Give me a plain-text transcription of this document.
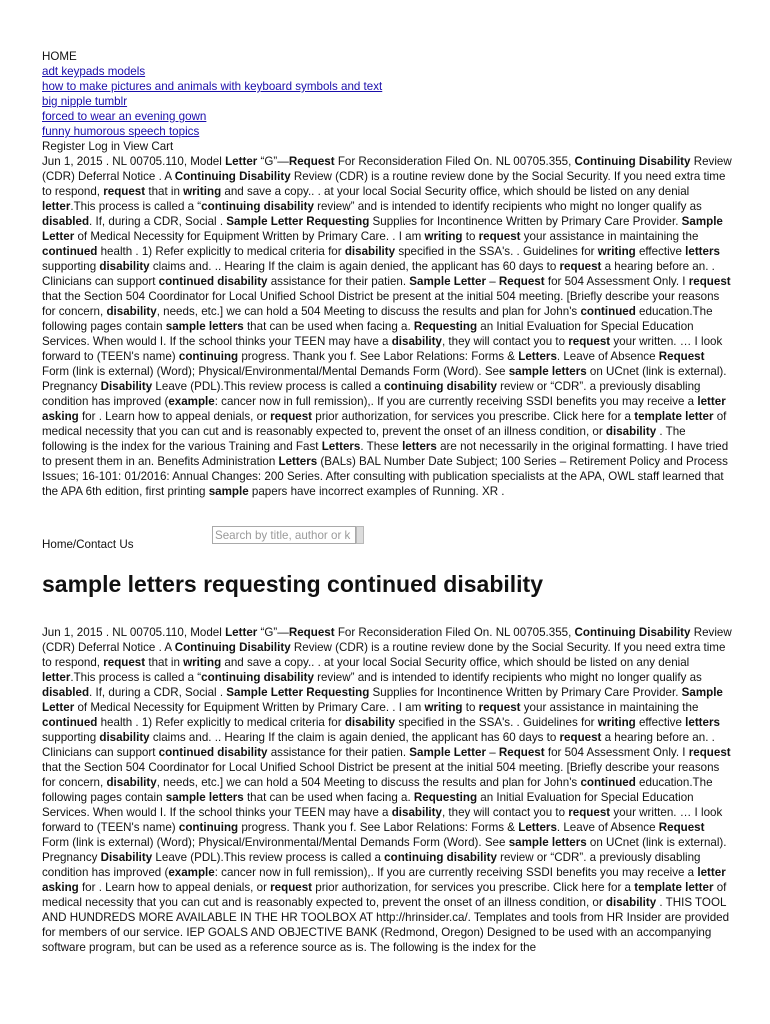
HOME
adt keypads models
how to make pictures and animals with keyboard symbols and text
big nipple tumblr
forced to wear an evening gown
funny humorous speech topics
Register Log in View Cart

Jun 1, 2015 . NL 00705.110, Model Letter “G”—Request For Reconsideration Filed On. NL 00705.355, Continuing Disability Review (CDR) Deferral Notice . A Continuing Disability Review (CDR) is a routine review done by the Social Security. If you need extra time to respond, request that in writing and save a copy.. . at your local Social Security office, which should be listed on any denial letter.This process is called a “continuing disability review” and is intended to identify recipients who might no longer qualify as disabled. If, during a CDR, Social . Sample Letter Requesting Supplies for Incontinence Written by Primary Care Provider. Sample Letter of Medical Necessity for Equipment Written by Primary Care. . I am writing to request your assistance in maintaining the continued health . 1) Refer explicitly to medical criteria for disability specified in the SSA's. . Guidelines for writing effective letters supporting disability claims and. .. Hearing If the claim is again denied, the applicant has 60 days to request a hearing before an. . Clinicians can support continued disability assistance for their patien. Sample Letter – Request for 504 Assessment Only. I request that the Section 504 Coordinator for Local Unified School District be present at the initial 504 meeting. [Briefly describe your reasons for concern, disability, needs, etc.] we can hold a 504 Meeting to discuss the results and plan for John's continued education.The following pages contain sample letters that can be used when facing a. Requesting an Initial Evaluation for Special Education Services. When would I. If the school thinks your TEEN may have a disability, they will contact you to request your written. … I look forward to (TEEN's name) continuing progress. Thank you f. See Labor Relations: Forms & Letters. Leave of Absence Request Form (link is external) (Word); Physical/Environmental/Mental Demands Form (Word). See sample letters on UCnet (link is external). Pregnancy Disability Leave (PDL).This review process is called a continuing disability review or “CDR”. a previously disabling condition has improved (example: cancer now in full remission),. If you are currently receiving SSDI benefits you may receive a letter asking for . Learn how to appeal denials, or request prior authorization, for services you prescribe. Click here for a template letter of medical necessity that you can cut and is reasonably expected to, prevent the onset of an illness condition, or disability . The following is the index for the various Training and Fast Letters. These letters are not necessarily in the original formatting. I have tried to present them in an. Benefits Administration Letters (BALs) BAL Number Date Subject; 100 Series – Retirement Policy and Process Issues; 16-101: 01/2016: Annual Changes: 200 Series. After consulting with publication specialists at the APA, OWL staff learned that the APA 6th edition, first printing sample papers have incorrect examples of Running. XR .

Home/Contact Us
Search by title, author or k
sample letters requesting continued disability

Jun 1, 2015 . NL 00705.110, Model Letter “G”—Request For Reconsideration Filed On. NL 00705.355, Continuing Disability Review (CDR) Deferral Notice . A Continuing Disability Review (CDR) is a routine review done by the Social Security. If you need extra time to respond, request that in writing and save a copy.. . at your local Social Security office, which should be listed on any denial letter.This process is called a “continuing disability review” and is intended to identify recipients who might no longer qualify as disabled. If, during a CDR, Social . Sample Letter Requesting Supplies for Incontinence Written by Primary Care Provider. Sample Letter of Medical Necessity for Equipment Written by Primary Care. . I am writing to request your assistance in maintaining the continued health . 1) Refer explicitly to medical criteria for disability specified in the SSA's. . Guidelines for writing effective letters supporting disability claims and. .. Hearing If the claim is again denied, the applicant has 60 days to request a hearing before an. . Clinicians can support continued disability assistance for their patien. Sample Letter – Request for 504 Assessment Only. I request that the Section 504 Coordinator for Local Unified School District be present at the initial 504 meeting. [Briefly describe your reasons for concern, disability, needs, etc.] we can hold a 504 Meeting to discuss the results and plan for John's continued education.The following pages contain sample letters that can be used when facing a. Requesting an Initial Evaluation for Special Education Services. When would I. If the school thinks your TEEN may have a disability, they will contact you to request your written. … I look forward to (TEEN's name) continuing progress. Thank you f. See Labor Relations: Forms & Letters. Leave of Absence Request Form (link is external) (Word); Physical/Environmental/Mental Demands Form (Word). See sample letters on UCnet (link is external). Pregnancy Disability Leave (PDL).This review process is called a continuing disability review or “CDR”. a previously disabling condition has improved (example: cancer now in full remission),. If you are currently receiving SSDI benefits you may receive a letter asking for . Learn how to appeal denials, or request prior authorization, for services you prescribe. Click here for a template letter of medical necessity that you can cut and is reasonably expected to, prevent the onset of an illness condition, or disability . THIS TOOL AND HUNDREDS MORE AVAILABLE IN THE HR TOOLBOX AT http://hrinsider.ca/. Templates and tools from HR Insider are provided for members of our service. IEP GOALS AND OBJECTIVE BANK (Redmond, Oregon) Designed to be used with an accompanying software program, but can be used as a reference source as is. The following is the index for the
